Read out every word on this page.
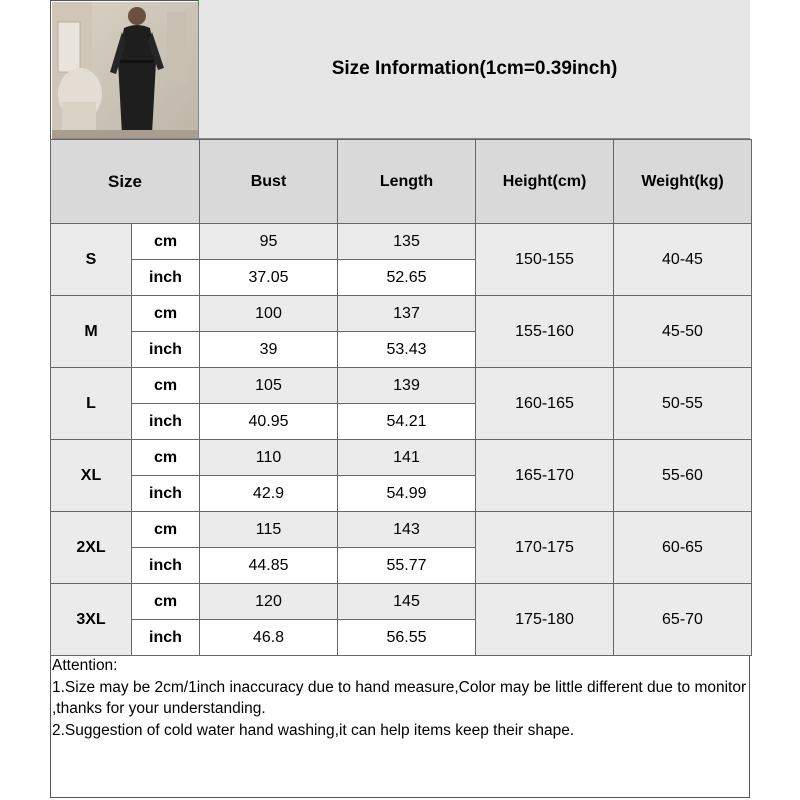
Size Information(1cm=0.39inch)
Size		Bust	Length	Height(cm)	Weight(kg)
S	cm	95	135	150-155	40-45
	inch	37.05	52.65		
M	cm	100	137	155-160	45-50
	inch	39	53.43		
L	cm	105	139	160-165	50-55
	inch	40.95	54.21		
XL	cm	110	141	165-170	55-60
	inch	42.9	54.99		
2XL	cm	115	143	170-175	60-65
	inch	44.85	55.77		
3XL	cm	120	145	175-180	65-70
	inch	46.8	56.55		
Attention:
1.Size may be 2cm/1inch inaccuracy due to hand measure,Color may be little different due to monitor ,thanks for your understanding.
2.Suggestion of cold water hand washing,it can help items keep their shape.
